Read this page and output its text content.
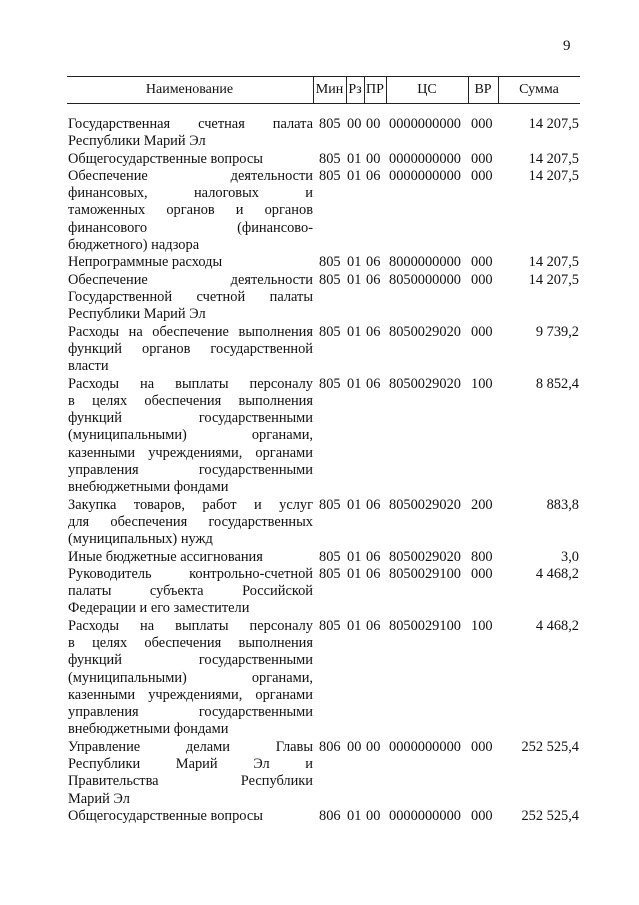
9
Наименование	Мин Рз ПР	ЦС	ВР	Сумма
Государственная счетная палата
Республики Марий Эл
805 00 00 0000000000 000	14 207,5
Общегосударственные вопросы	805 01 00 0000000000 000	14 207,5
Обеспечение деятельности
финансовых, налоговых и
таможенных органов и органов
финансового (финансово-
бюджетного) надзора
805 01 06 0000000000 000	14 207,5
Непрограммные расходы	805 01 06 8000000000 000	14 207,5
Обеспечение деятельности
Государственной счетной палаты
Республики Марий Эл
805 01 06 8050000000 000	14 207,5
Расходы на обеспечение выполнения
функций органов государственной
власти
805 01 06 8050029020 000	9 739,2
Расходы на выплаты персоналу
в целях обеспечения выполнения
функций государственными
(муниципальными) органами,
казенными учреждениями, органами
управления государственными
внебюджетными фондами
805 01 06 8050029020 100	8 852,4
Закупка товаров, работ и услуг
для обеспечения государственных
(муниципальных) нужд
805 01 06 8050029020 200	883,8
Иные бюджетные ассигнования	805 01 06 8050029020 800	3,0
Руководитель контрольно-счетной
палаты субъекта Российской
Федерации и его заместители
805 01 06 8050029100 000	4 468,2
Расходы на выплаты персоналу
в целях обеспечения выполнения
функций государственными
(муниципальными) органами,
казенными учреждениями, органами
управления государственными
внебюджетными фондами
805 01 06 8050029100 100	4 468,2
Управление делами Главы
Республики Марий Эл и
Правительства Республики
Марий Эл
806 00 00 0000000000 000	252 525,4
Общегосударственные вопросы	806 01 00 0000000000 000	252 525,4
